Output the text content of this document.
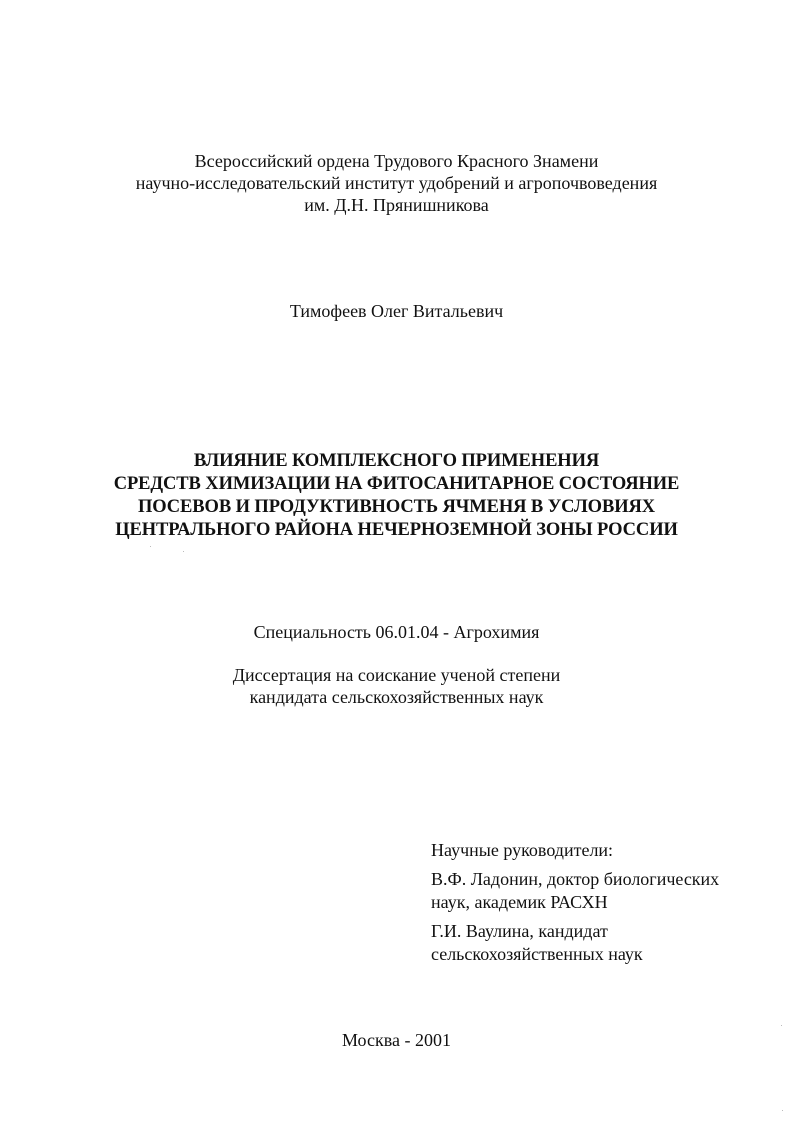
Всероссийский ордена Трудового Красного Знамени
научно-исследовательский институт удобрений и агропочвоведения
им. Д.Н. Прянишникова
Тимофеев Олег Витальевич
ВЛИЯНИЕ КОМПЛЕКСНОГО ПРИМЕНЕНИЯ
СРЕДСТВ ХИМИЗАЦИИ НА ФИТОСАНИТАРНОЕ СОСТОЯНИЕ
ПОСЕВОВ И ПРОДУКТИВНОСТЬ ЯЧМЕНЯ В УСЛОВИЯХ
ЦЕНТРАЛЬНОГО РАЙОНА НЕЧЕРНОЗЕМНОЙ ЗОНЫ РОССИИ
Специальность 06.01.04 - Агрохимия
Диссертация на соискание ученой степени
кандидата сельскохозяйственных наук
Научные руководители:
В.Ф. Ладонин, доктор биологических
наук, академик РАСХН
Г.И. Ваулина, кандидат
сельскохозяйственных наук
Москва - 2001
